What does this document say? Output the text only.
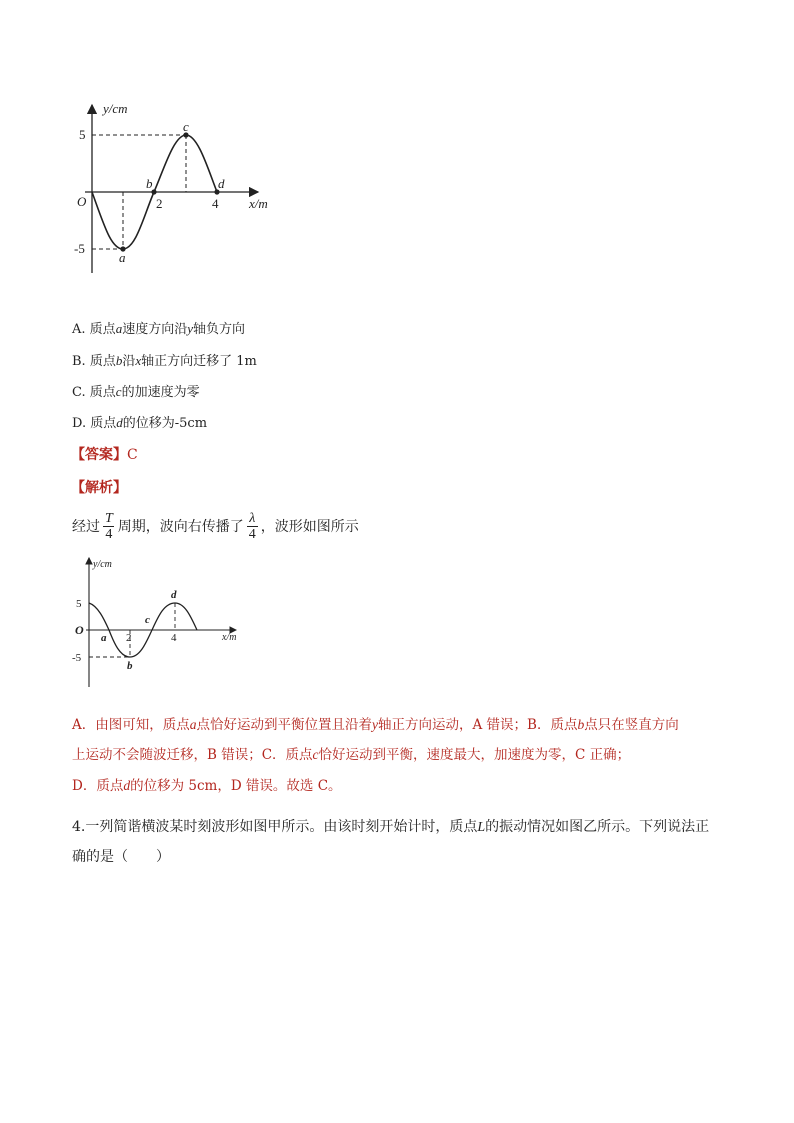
y/cm
x/m
O
5
-5
2	4
a
b
c
d
A. 质点a速度方向沿y轴负方向
B. 质点b沿x轴正方向迁移了 1m
C. 质点c的加速度为零
D. 质点d的位移为-5cm
【答案】C
【解析】
经过 $\frac{T}{4}$ 周期，波向右传播了 $\frac{\lambda}{4}$ ，波形如图所示
y/cm
x/m
O
5
-5
2	4
a
b
c
d
A．由图可知，质点a点恰好运动到平衡位置且沿着y轴正方向运动，A 错误；B．质点b点只在竖直方向
上运动不会随波迁移，B 错误；C．质点c恰好运动到平衡，速度最大，加速度为零，C 正确；
D．质点d的位移为 5cm，D 错误。故选 C。
4.一列简谐横波某时刻波形如图甲所示。由该时刻开始计时，质点L的振动情况如图乙所示。下列说法正
确的是（　　）
